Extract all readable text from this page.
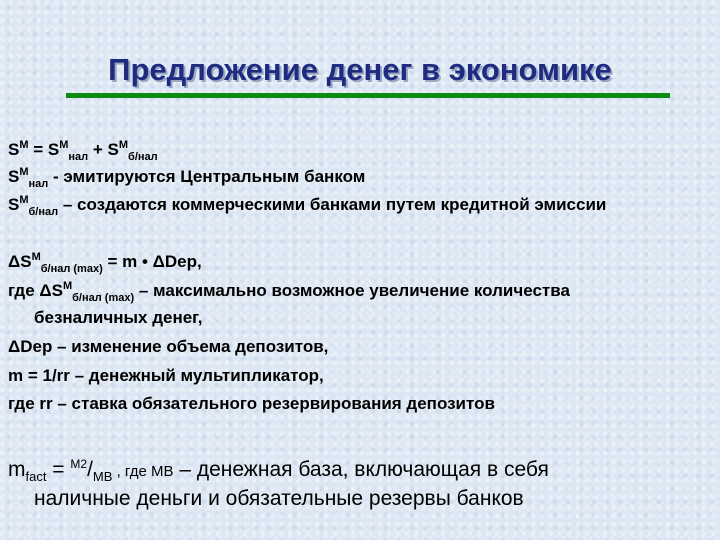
Предложение денег в экономике
$S^M = S^M_{нал} + S^M_{б/нал}$
$S^M_{нал}$ - эмитируются Центральным банком
$S^M_{б/нал}$ – создаются коммерческими банками путем кредитной эмиссии
$\Delta S^M_{б/нал (max)} = m$ • ΔDep,
где $\Delta S^M_{б/нал (max)}$ – максимально возможное увеличение количества
безналичных денег,
ΔDep – изменение объема депозитов,
m = 1/rr – денежный мультипликатор,
где rr – ставка обязательного резервирования депозитов
$m_{fact} = ^{M2}/_{MB}$ , где MB – денежная база, включающая в себя
наличные деньги и обязательные резервы банков
